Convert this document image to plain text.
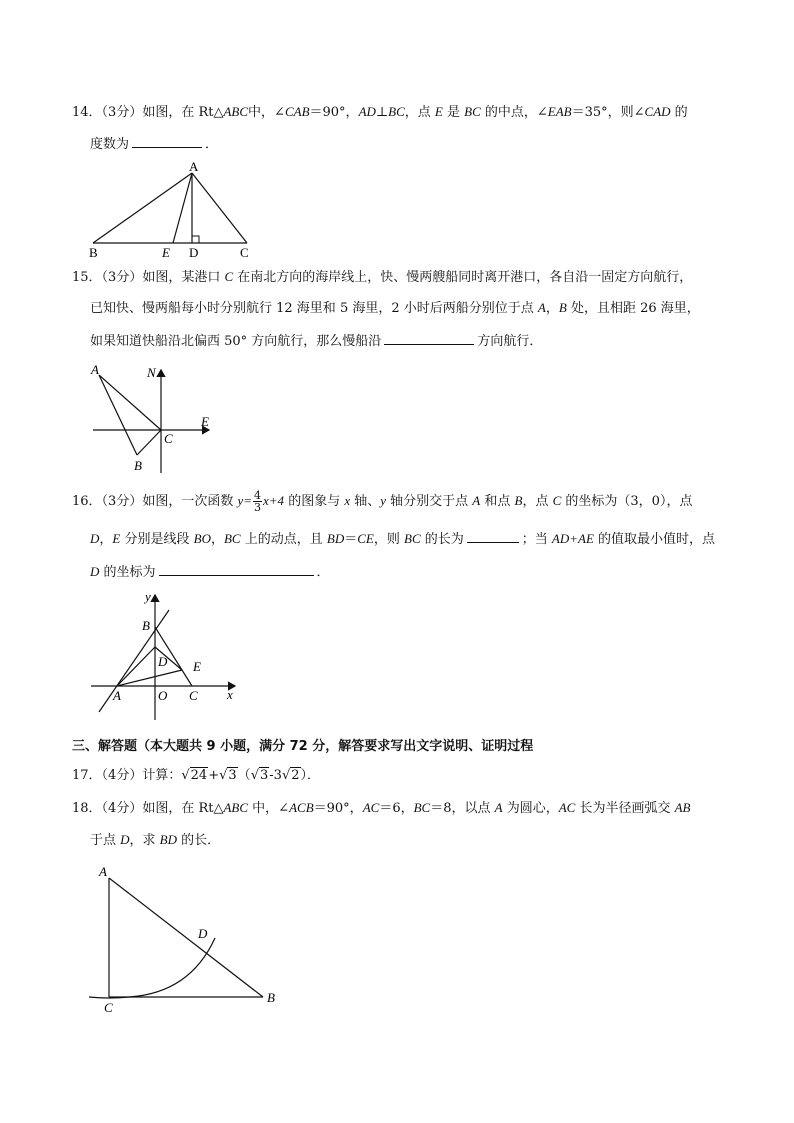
14．（3分）如图，在 Rt△ABC中，∠CAB＝90°，AD⊥BC，点 E 是 BC 的中点，∠EAB＝35°，则∠CAD 的
度数为	．
A
B	E D	C
15．（3分）如图，某港口 C 在南北方向的海岸线上，快、慢两艘船同时离开港口，各自沿一固定方向航行，
已知快、慢两船每小时分别航行 12 海里和 5 海里，2 小时后两船分别位于点 A，B 处，且相距 26 海里，
如果知道快船沿北偏西 50° 方向航行，那么慢船沿	方向航行．
A	N
E
C
B
16．（3分）如图，一次函数 $y= \frac{4}{3} x+4$ 的图象与 x 轴、y 轴分别交于点 A 和点 B，点 C 的坐标为（3，0），点
D，E 分别是线段 BO，BC 上的动点，且 BD＝CE，则 BC 的长为	；当 AD+AE 的值取最小值时，点
D 的坐标为	．
y
x
B
D E
A	O C
三、解答题（本大题共 9 小题，满分 72 分，解答要求写出文字说明、证明过程
17．（4分）计算：√24+√3（√3-3√2）．
18．（4分）如图，在 Rt△ABC 中，∠ACB＝90°，AC＝6，BC＝8，以点 A 为圆心，AC 长为半径画弧交 AB
于点 D，求 BD 的长．
A
D
C
B
